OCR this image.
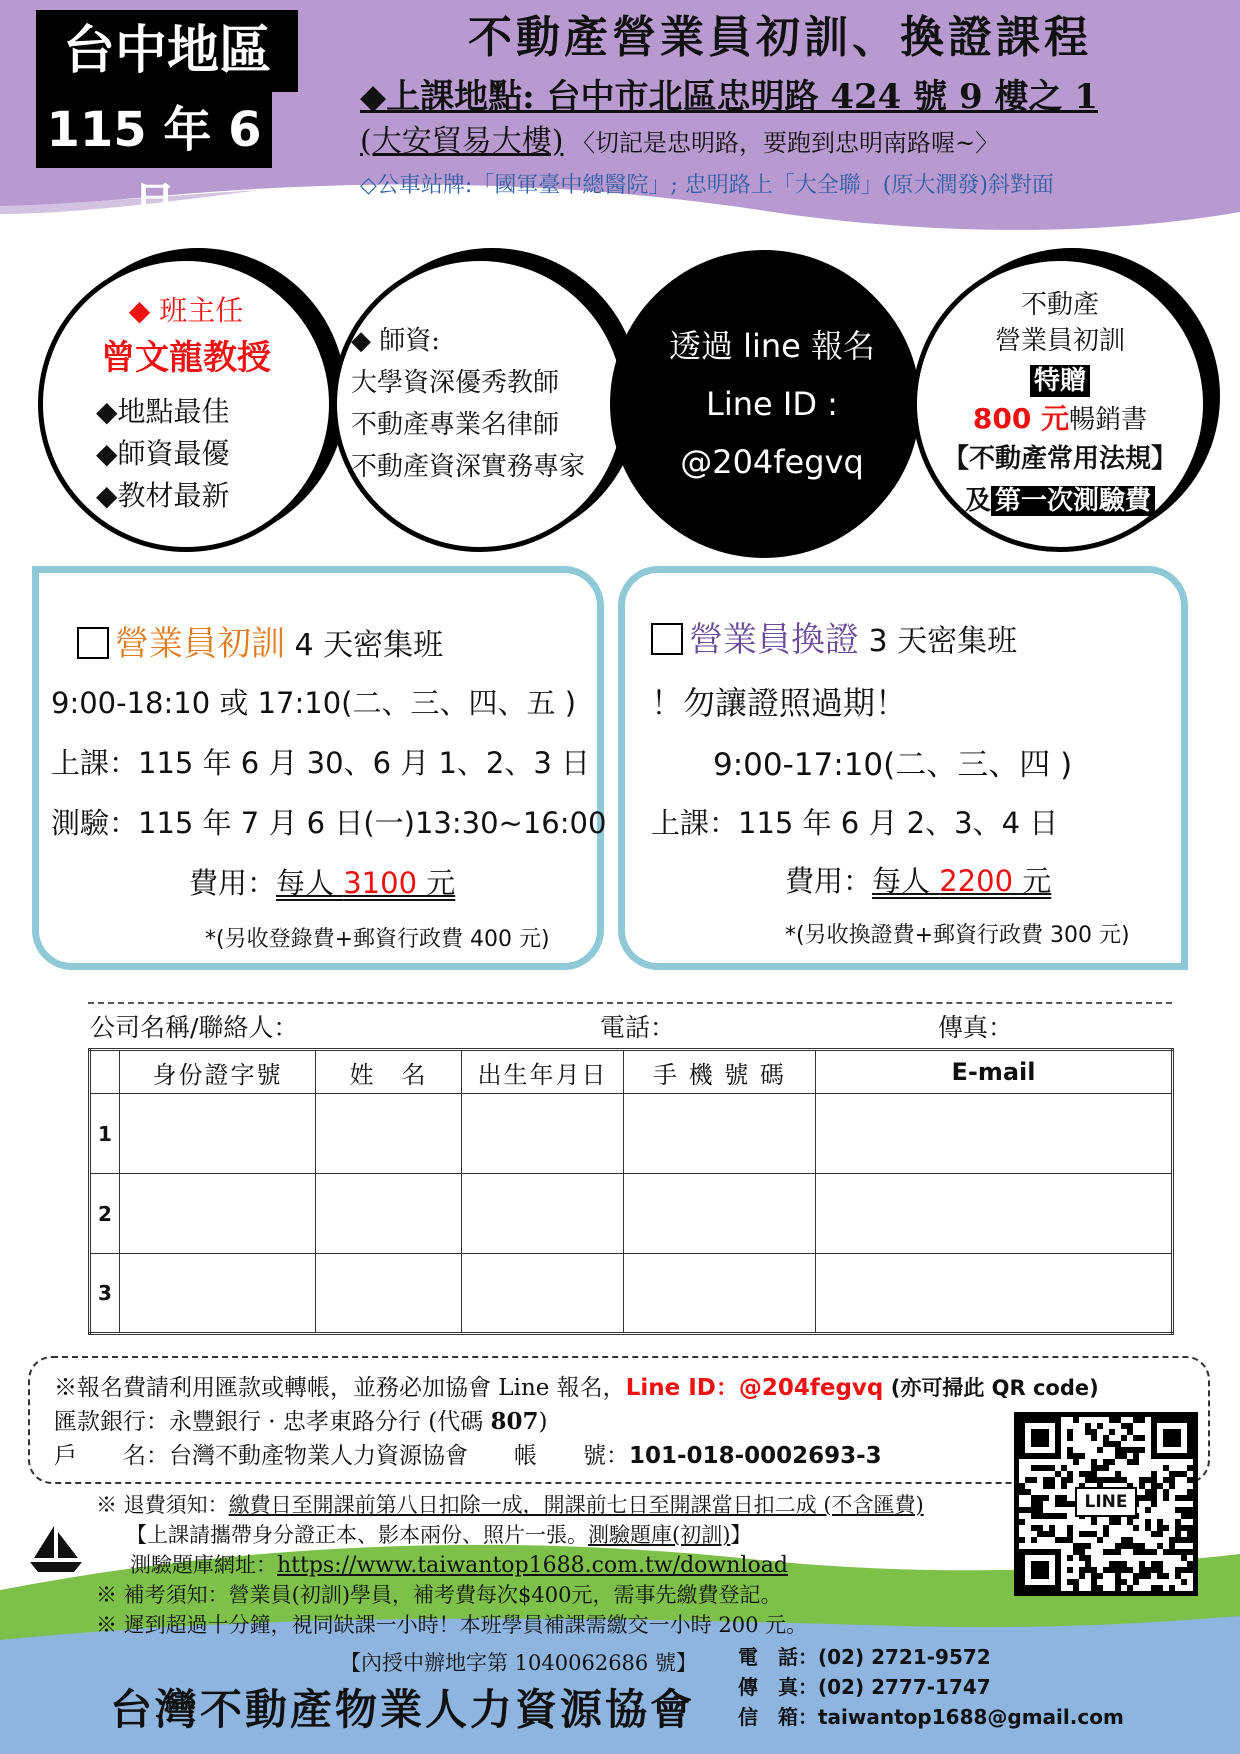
台中地區
115 年 6 月
不動產營業員初訓、換證課程
◆上課地點: 台中市北區忠明路 424 號 9 樓之 1
(大安貿易大樓) 〈切記是忠明路，要跑到忠明南路喔~〉
◇公車站牌:「國軍臺中總醫院」; 忠明路上「大全聯」(原大潤發)斜對面
◆ 班主任
曾文龍教授
◆地點最佳
◆師資最優
◆教材最新
◆ 師資:
大學資深優秀教師
不動產專業名律師
不動產資深實務專家
透過 line 報名
Line ID :
@204fegvq
不動產
營業員初訓
特贈
800 元暢銷書
【不動產常用法規】
及 第一次測驗費
營業員初訓 4 天密集班
9:00-18:10 或 17:10(二、三、四、五 )
上課：115 年 6 月 30、6 月 1、2、3 日
測驗：115 年 7 月 6 日(一)13:30~16:00
費用：每人 3100 元
*(另收登錄費+郵資行政費 400 元)
營業員換證 3 天密集班
！勿讓證照過期！
9:00-17:10(二、三、四 )
上課：115 年 6 月 2、3、4 日
費用：每人 2200 元
*(另收換證費+郵資行政費 300 元)
公司名稱/聯絡人：	電話：	傳真：
	身份證字號	姓　名	出生年月日	手 機 號 碼	E-mail
1					
2					
3					
※報名費請利用匯款或轉帳，並務必加協會 Line 報名，Line ID：@204fegvq (亦可掃此 QR code)
匯款銀行：永豐銀行 · 忠孝東路分行 (代碼 807)
戶　　名：台灣不動產物業人力資源協會　　帳　　號：101-018-0002693-3
LINE
※ 退費須知：繳費日至開課前第八日扣除一成，開課前七日至開課當日扣二成 (不含匯費)
【上課請攜帶身分證正本、影本兩份、照片一張。測驗題庫(初訓)】
測驗題庫網址：https://www.taiwantop1688.com.tw/download
※ 補考須知：營業員(初訓)學員，補考費每次$400元，需事先繳費登記。
※ 遲到超過十分鐘，視同缺課一小時！本班學員補課需繳交一小時 200 元。
【內授中辦地字第 1040062686 號】
台灣不動產物業人力資源協會
電　話：(02) 2721-9572
傳　真：(02) 2777-1747
信　箱：taiwantop1688@gmail.com
